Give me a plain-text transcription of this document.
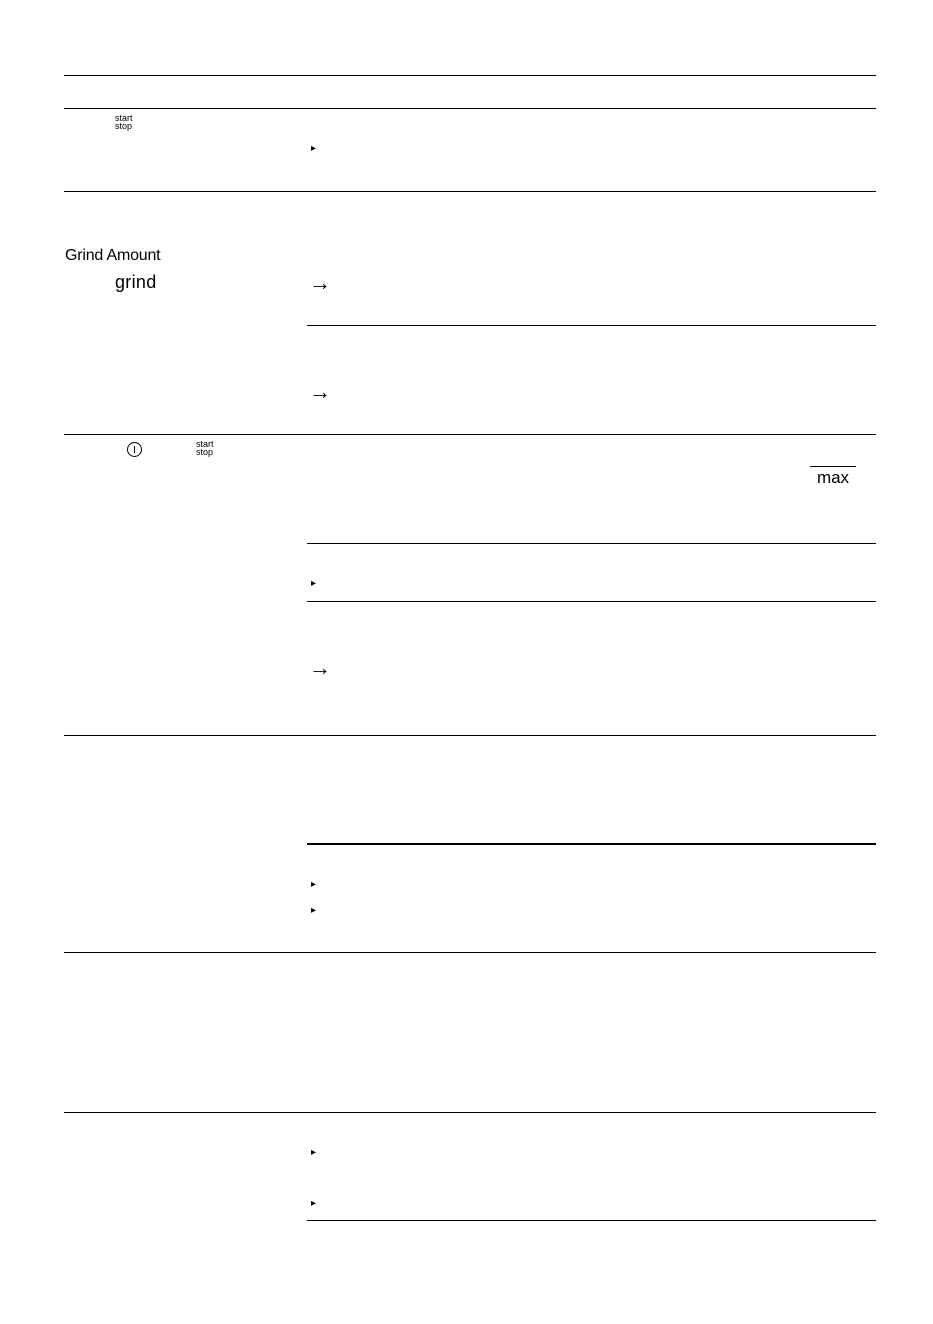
start
stop
▸
Grind Amount
grind	→
→
start
stop
max
▸
→
▸
▸
▸
▸
